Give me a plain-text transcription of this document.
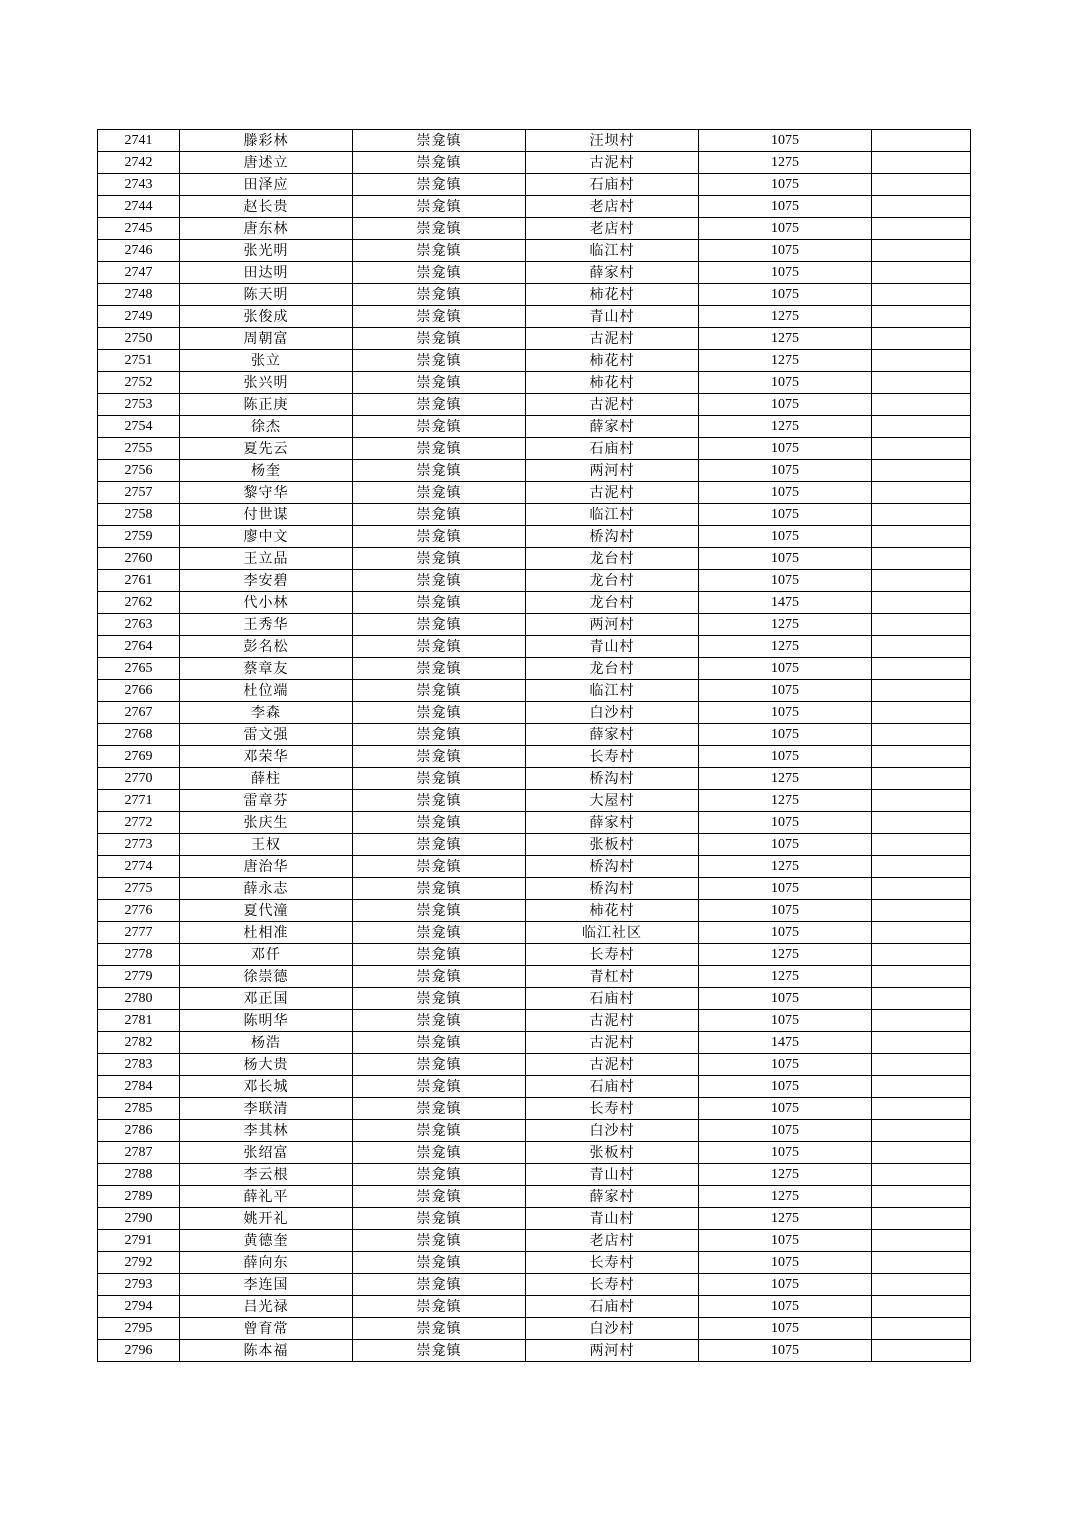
2741	滕彩林	崇龛镇	汪坝村	1075	
2742	唐述立	崇龛镇	古泥村	1275	
2743	田泽应	崇龛镇	石庙村	1075	
2744	赵长贵	崇龛镇	老店村	1075	
2745	唐东林	崇龛镇	老店村	1075	
2746	张光明	崇龛镇	临江村	1075	
2747	田达明	崇龛镇	薛家村	1075	
2748	陈天明	崇龛镇	柿花村	1075	
2749	张俊成	崇龛镇	青山村	1275	
2750	周朝富	崇龛镇	古泥村	1275	
2751	张立	崇龛镇	柿花村	1275	
2752	张兴明	崇龛镇	柿花村	1075	
2753	陈正庚	崇龛镇	古泥村	1075	
2754	徐杰	崇龛镇	薛家村	1275	
2755	夏先云	崇龛镇	石庙村	1075	
2756	杨奎	崇龛镇	两河村	1075	
2757	黎守华	崇龛镇	古泥村	1075	
2758	付世谋	崇龛镇	临江村	1075	
2759	廖中文	崇龛镇	桥沟村	1075	
2760	王立品	崇龛镇	龙台村	1075	
2761	李安碧	崇龛镇	龙台村	1075	
2762	代小林	崇龛镇	龙台村	1475	
2763	王秀华	崇龛镇	两河村	1275	
2764	彭名松	崇龛镇	青山村	1275	
2765	蔡章友	崇龛镇	龙台村	1075	
2766	杜位端	崇龛镇	临江村	1075	
2767	李森	崇龛镇	白沙村	1075	
2768	雷文强	崇龛镇	薛家村	1075	
2769	邓荣华	崇龛镇	长寿村	1075	
2770	薛柱	崇龛镇	桥沟村	1275	
2771	雷章芬	崇龛镇	大屋村	1275	
2772	张庆生	崇龛镇	薛家村	1075	
2773	王权	崇龛镇	张板村	1075	
2774	唐治华	崇龛镇	桥沟村	1275	
2775	薛永志	崇龛镇	桥沟村	1075	
2776	夏代潼	崇龛镇	柿花村	1075	
2777	杜相准	崇龛镇	临江社区	1075	
2778	邓仟	崇龛镇	长寿村	1275	
2779	徐崇德	崇龛镇	青杠村	1275	
2780	邓正国	崇龛镇	石庙村	1075	
2781	陈明华	崇龛镇	古泥村	1075	
2782	杨浩	崇龛镇	古泥村	1475	
2783	杨大贵	崇龛镇	古泥村	1075	
2784	邓长城	崇龛镇	石庙村	1075	
2785	李联清	崇龛镇	长寿村	1075	
2786	李其林	崇龛镇	白沙村	1075	
2787	张绍富	崇龛镇	张板村	1075	
2788	李云根	崇龛镇	青山村	1275	
2789	薛礼平	崇龛镇	薛家村	1275	
2790	姚开礼	崇龛镇	青山村	1275	
2791	黄德奎	崇龛镇	老店村	1075	
2792	薛向东	崇龛镇	长寿村	1075	
2793	李连国	崇龛镇	长寿村	1075	
2794	吕光禄	崇龛镇	石庙村	1075	
2795	曾育常	崇龛镇	白沙村	1075	
2796	陈本福	崇龛镇	两河村	1075	
